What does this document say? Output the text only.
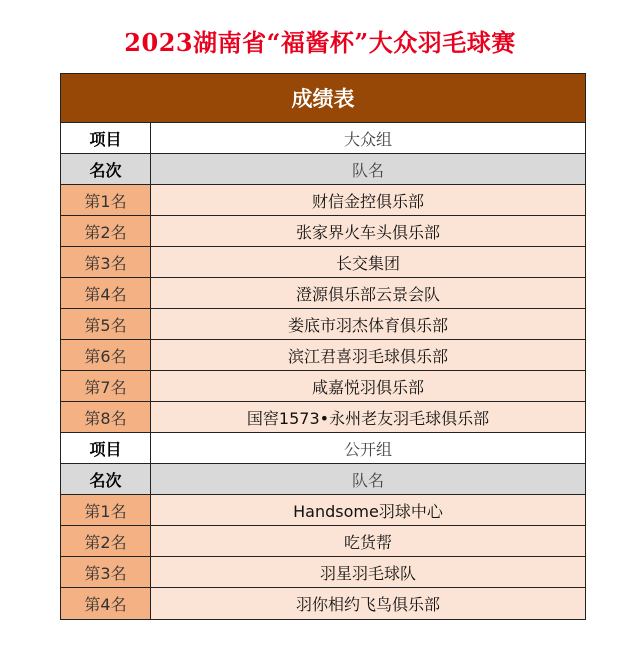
2023湖南省“福酱杯”大众羽毛球赛
成绩表
项目	大众组
名次	队名
第1名	财信金控俱乐部
第2名	张家界火车头俱乐部
第3名	长交集团
第4名	澄源俱乐部云景会队
第5名	娄底市羽杰体育俱乐部
第6名	滨江君喜羽毛球俱乐部
第7名	咸嘉悦羽俱乐部
第8名	国窖1573•永州老友羽毛球俱乐部
项目	公开组
名次	队名
第1名	Handsome羽球中心
第2名	吃货帮
第3名	羽星羽毛球队
第4名	羽你相约飞鸟俱乐部
